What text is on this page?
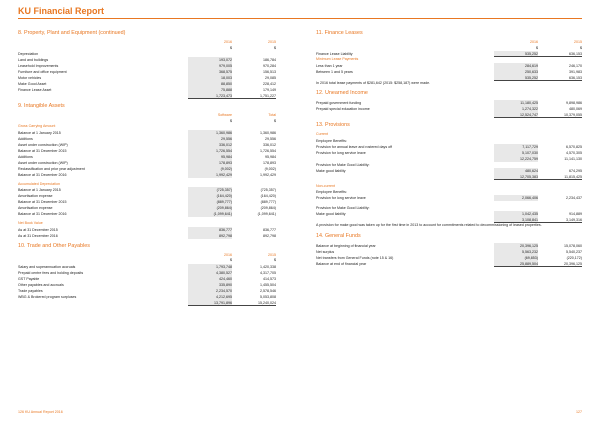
KU Financial Report
8. Property, Plant and Equipment (continued)
2016	2015
$	$
Depreciation
Land and buildings	193,072	186,784
Leasehold Improvements	979,005	970,284
Furniture and office equipment	368,575	156,513
Motor vehicles	18,003	29,085
Make Good Asset	88,850	228,412
Finance Lease Asset	75,888	179,149
1,723,473	1,751,227
9. Intangible Assets
Software	Total
$	$
Gross Carrying Amount
Balance at 1 January 2015	1,360,986	1,360,986
Additions	29,556	29,556
Asset under construction (WIP)	336,012	336,012
Balance at 31 December 2015	1,726,554	1,726,554
Additions	95,984	95,984
Asset under construction (WIP)	178,893	178,893
Reclassification and prior year adjustment	(9,002)	(9,002)
Balance at 31 December 2016	1,992,429	1,992,429
Accumulated Depreciation
Balance at 1 January 2015	(725,357)	(725,357)
Amortisation expense	(164,420)	(164,420)
Balance at 31 December 2015	(889,777)	(889,777)
Amortisation expense	(209,864)	(209,864)
Balance at 31 December 2016	(1,099,641)	(1,099,641)
Net Book Value
As at 31 December 2015	836,777	836,777
As at 31 December 2016	892,798	892,798
10. Trade and Other Payables
2016	2015
$	$
Salary and superannuation accruals	1,793,748	1,420,338
Prepaid centre fees and holding deposits	4,380,527	4,317,705
GST Payable	424,460	414,573
Other payables and accruals	335,890	1,455,504
Trade payables	2,234,570	2,578,546
WBG & Brokered program surpluses	4,212,695	5,053,808
13,791,896	15,240,024
11. Finance Leases
2016	2015
$	$
Finance Lease Liability	535,252	636,153
Minimum Lease Payments
Less than 1 year	284,619	246,170
Between 1 and 5 years	250,633	391,983
535,252	636,153
In 2016 total lease payments of $281,642 (2015: $258,187) were made.
12. Unearned Income
Prepaid government funding	11,180,425	9,898,986
Prepaid special education income	1,274,322	480,069
12,524,747	10,379,055
13. Provisions
Current
Employee Benefits:
Provision for annual leave and rostered days off	7,117,729	6,570,825
Provision for long service leave	5,107,030	4,570,305
12,224,759	11,141,130
Provision for Make Good Liability:
Make good liability	480,624	674,295
12,705,383	11,815,425
Non-current
Employee Benefits:
Provision for long service leave	2,066,406	2,234,437
Provision for Make Good Liability:
Make good liability	1,042,435	914,889
3,108,841	3,149,316
A provision for make good was taken up for the first time in 2013 to account for commitments related to decommissioning of leased properties.
14. General Funds
Balance at beginning of financial year	20,396,125	15,078,060
Net surplus	5,563,232	5,540,237
Net transfers from General Funds (note 15 & 16)	(69,853)	(220,172)
Balance at end of financial year	25,889,504	20,396,125
126 KU Annual Report 2016	127
